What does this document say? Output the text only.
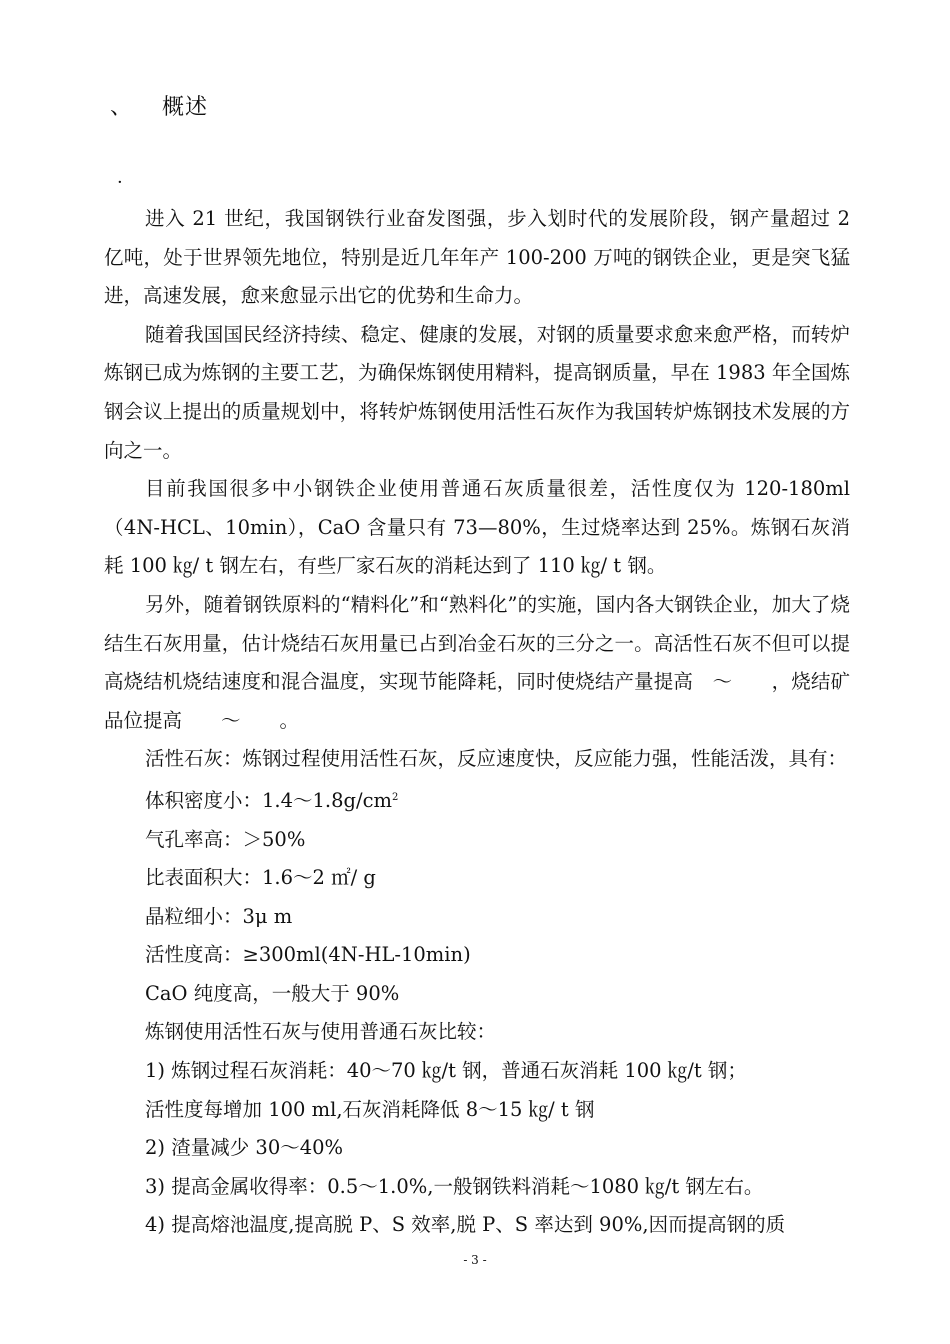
、 概述
·

进入 21 世纪，我国钢铁行业奋发图强，步入划时代的发展阶段，钢产量超过 2 亿吨，处于世界领先地位，特别是近几年年产 100-200 万吨的钢铁企业，更是突飞猛进，高速发展，愈来愈显示出它的优势和生命力。

随着我国国民经济持续、稳定、健康的发展，对钢的质量要求愈来愈严格，而转炉炼钢已成为炼钢的主要工艺，为确保炼钢使用精料，提高钢质量，早在 1983 年全国炼钢会议上提出的质量规划中，将转炉炼钢使用活性石灰作为我国转炉炼钢技术发展的方向之一。

目前我国很多中小钢铁企业使用普通石灰质量很差，活性度仅为 120-180ml（4N-HCL、10min），CaO 含量只有 73—80%，生过烧率达到 25%。炼钢石灰消耗 100 ㎏/ t 钢左右，有些厂家石灰的消耗达到了 110 ㎏/ t 钢。

另外，随着钢铁原料的“精料化”和“熟料化”的实施，国内各大钢铁企业，加大了烧结生石灰用量，估计烧结石灰用量已占到冶金石灰的三分之一。高活性石灰不但可以提高烧结机烧结速度和混合温度，实现节能降耗，同时使烧结产量提高　～　　，烧结矿品位提高　　～　　。

活性石灰：炼钢过程使用活性石灰，反应速度快，反应能力强，性能活泼，具有：

体积密度小：$1.4\sim 1.8g/cm^2$

气孔率高：＞50%

比表面积大：1.6～2 ㎡/ g

晶粒细小：3μ m

活性度高：≥300ml(4N-HL-10min)

CaO 纯度高，一般大于 90%

炼钢使用活性石灰与使用普通石灰比较：

1) 炼钢过程石灰消耗：40～70 ㎏/t 钢，普通石灰消耗 100 ㎏/t 钢；

活性度每增加 100 ml,石灰消耗降低 8～15 ㎏/ t 钢

2) 渣量减少 30～40%

3) 提高金属收得率：0.5～1.0%,一般钢铁料消耗～1080 ㎏/t 钢左右。

4) 提高熔池温度,提高脱 P、S 效率,脱 P、S 率达到 90%,因而提高钢的质

- 3 -
